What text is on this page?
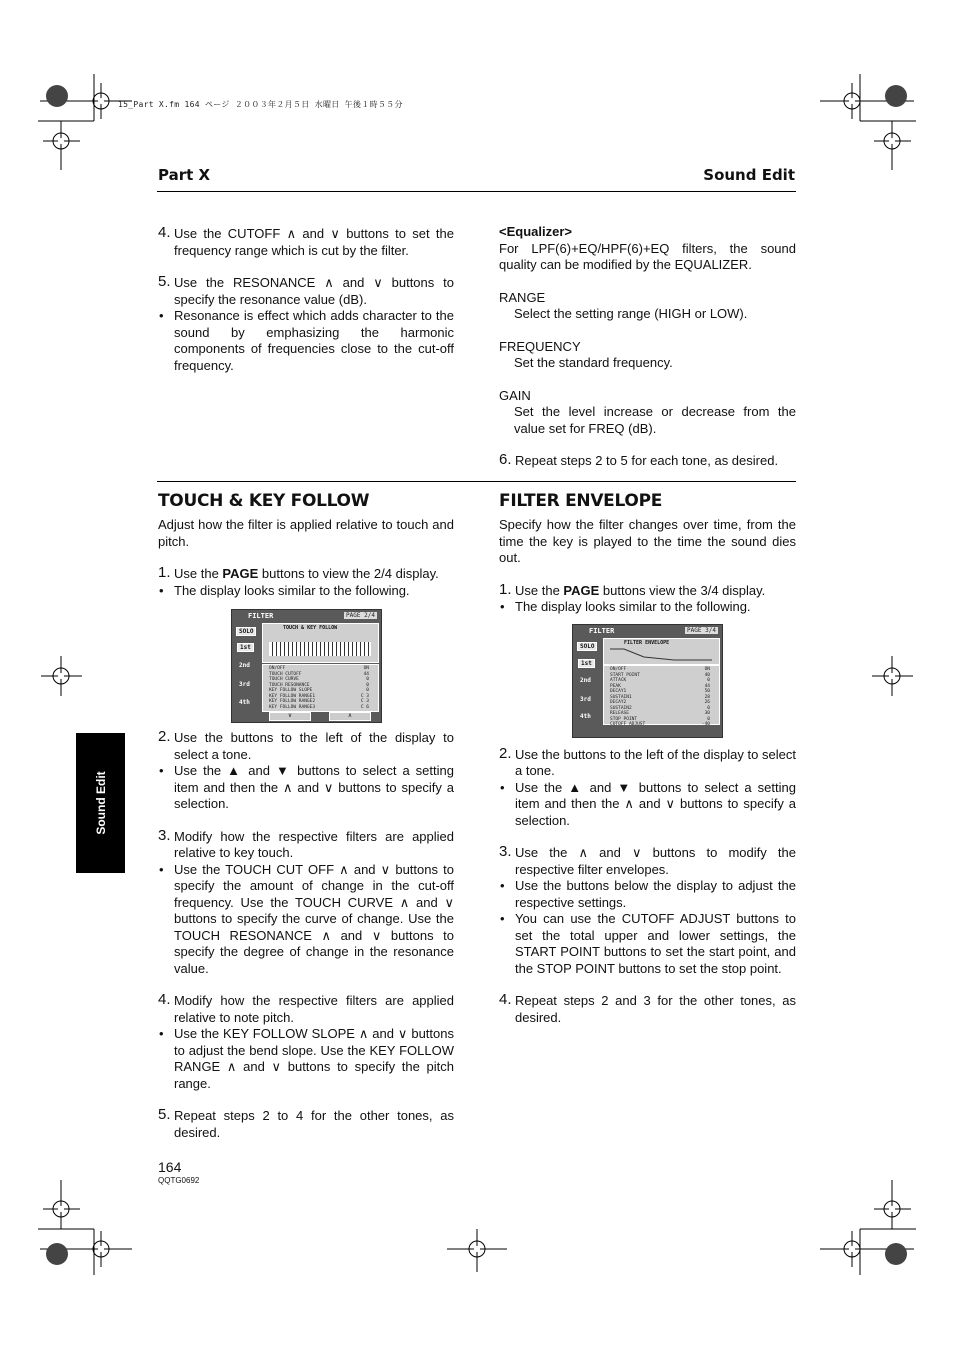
15_Part X.fm 164 ページ ２００３年２月５日 水曜日 午後１時５５分
Part X	Sound Edit

4. Use the CUTOFF ∧ and ∨ buttons to set the frequency range which is cut by the filter.

5. Use the RESONANCE ∧ and ∨ buttons to specify the resonance value (dB).

• Resonance is effect which adds character to the sound by emphasizing the harmonic components of frequencies close to the cut-off frequency.

<Equalizer>

For LPF(6)+EQ/HPF(6)+EQ filters, the sound quality can be modified by the EQUALIZER.

RANGE

Select the setting range (HIGH or LOW).

FREQUENCY

Set the standard frequency.

GAIN

Set the level increase or decrease from the value set for FREQ (dB).

6. Repeat steps 2 to 5 for each tone, as desired.

TOUCH & KEY FOLLOW	FILTER ENVELOPE

Adjust how the filter is applied relative to touch and pitch.

1. Use the PAGE buttons to view the 2/4 display.

• The display looks similar to the following.

2. Use the buttons to the left of the display to select a tone.

• Use the ▲ and ▼ buttons to select a setting item and then the ∧ and ∨ buttons to specify a selection.

3. Modify how the respective filters are applied relative to key touch.

• Use the TOUCH CUT OFF ∧ and ∨ buttons to specify the amount of change in the cut-off frequency. Use the TOUCH CURVE ∧ and ∨ buttons to specify the curve of change. Use the TOUCH RESONANCE ∧ and ∨ buttons to specify the degree of change in the resonance value.

4. Modify how the respective filters are applied relative to note pitch.

• Use the KEY FOLLOW SLOPE ∧ and ∨ buttons to adjust the bend slope. Use the KEY FOLLOW RANGE ∧ and ∨ buttons to specify the pitch range.

5. Repeat steps 2 to 4 for the other tones, as desired.

Specify how the filter changes over time, from the time the key is played to the time the sound dies out.

1. Use the PAGE buttons view the 3/4 display.

• The display looks similar to the following.

2. Use the buttons to the left of the display to select a tone.

• Use the ▲ and ▼ buttons to select a setting item and then the ∧ and ∨ buttons to specify a selection.

3. Use the ∧ and ∨ buttons to modify the respective filter envelopes.

• Use the buttons below the display to adjust the respective settings.

• You can use the CUTOFF ADJUST buttons to set the total upper and lower settings, the START POINT buttons to set the start point, and the STOP POINT buttons to set the stop point.

4. Repeat steps 2 and 3 for the other tones, as desired.

FILTER	PAGE 2/4
SOLO
1st
2nd
3rd
4th
TOUCH & KEY FOLLOW
ON/OFF	ON
TOUCH CUTOFF	44
TOUCH CURVE	0
TOUCH RESONANCE	0
KEY FOLLOW SLOPE	0
KEY FOLLOW RANGE1	C 3
KEY FOLLOW RANGE2	C 3
KEY FOLLOW RANGE3	C 6
∨	∧
FILTER	PAGE 3/4
SOLO
1st
2nd
3rd
4th
FILTER ENVELOPE
ON/OFF	ON
START POINT	40
ATTACK	0
PEAK	44
DECAY1	50
SUSTAIN1	28
DECAY2	26
SUSTAIN2	0
RELEASE	30
STOP POINT	0
CUTOFF ADJUST	-40
Sound Edit
164
QQTG0692
